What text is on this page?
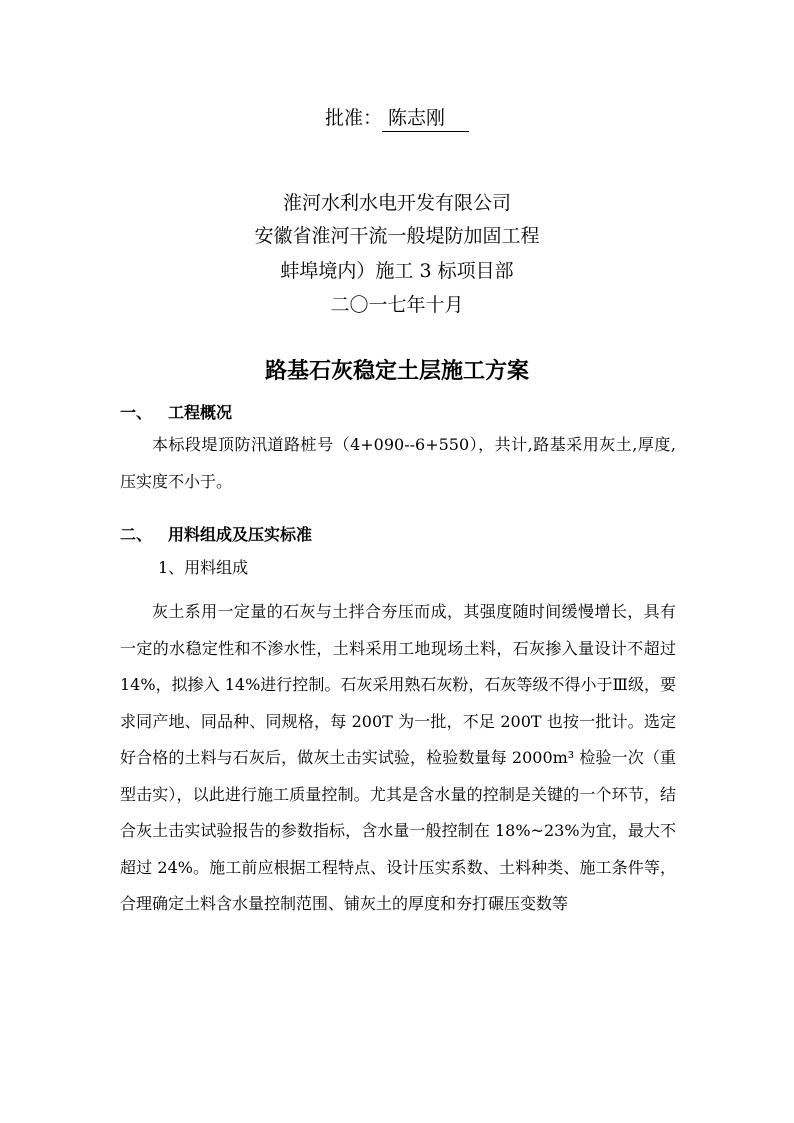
批准： 陈志刚
淮河水利水电开发有限公司
安徽省淮河干流一般堤防加固工程
蚌埠境内）施工 3 标项目部
二〇一七年十月
路基石灰稳定土层施工方案
一、 工程概况
本标段堤顶防汛道路桩号（4+090--6+550），共计,路基采用灰土,厚度,压实度不小于。
二、 用料组成及压实标准
1、用料组成
灰土系用一定量的石灰与土拌合夯压而成，其强度随时间缓慢增长，具有一定的水稳定性和不渗水性，土料采用工地现场土料，石灰掺入量设计不超过 14%，拟掺入 14%进行控制。石灰采用熟石灰粉，石灰等级不得小于Ⅲ级，要求同产地、同品种、同规格，每 200T 为一批，不足 200T 也按一批计。选定好合格的土料与石灰后，做灰土击实试验，检验数量每 2000m³ 检验一次（重型击实），以此进行施工质量控制。尤其是含水量的控制是关键的一个环节，结合灰土击实试验报告的参数指标，含水量一般控制在 18%~23%为宜，最大不超过 24%。施工前应根据工程特点、设计压实系数、土料种类、施工条件等，合理确定土料含水量控制范围、铺灰土的厚度和夯打碾压变数等
